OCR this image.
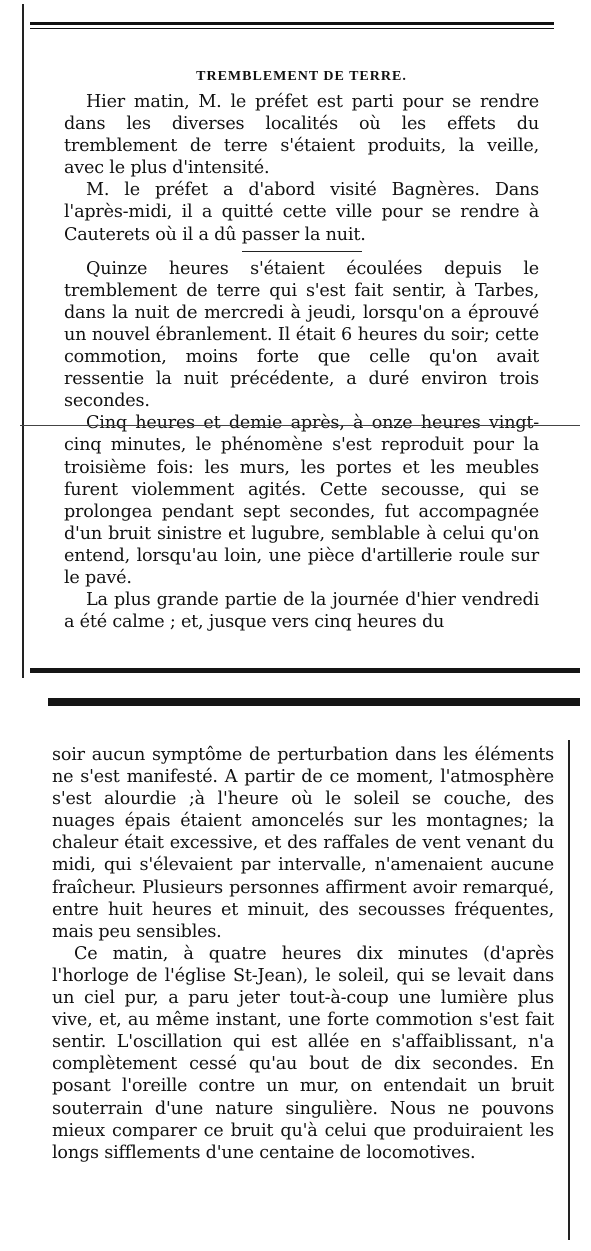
TREMBLEMENT DE TERRE.

Hier matin, M. le préfet est parti pour se rendre dans les diverses localités où les effets du tremblement de terre s'étaient produits, la veille, avec le plus d'intensité.

M. le préfet a d'abord visité Bagnères. Dans l'après-midi, il a quitté cette ville pour se rendre à Cauterets où il a dû passer la nuit.

Quinze heures s'étaient écoulées depuis le tremblement de terre qui s'est fait sentir, à Tarbes, dans la nuit de mercredi à jeudi, lorsqu'on a éprouvé un nouvel ébranlement. Il était 6 heures du soir; cette commotion, moins forte que celle qu'on avait ressentie la nuit précédente, a duré environ trois secondes.

Cinq heures et demie après, à onze heures vingt-cinq minutes, le phénomène s'est reproduit pour la troisième fois: les murs, les portes et les meubles furent violemment agités. Cette secousse, qui se prolongea pendant sept secondes, fut accompagnée d'un bruit sinistre et lugubre, semblable à celui qu'on entend, lorsqu'au loin, une pièce d'artillerie roule sur le pavé.

La plus grande partie de la journée d'hier vendredi a été calme ; et, jusque vers cinq heures du

soir aucun symptôme de perturbation dans les éléments ne s'est manifesté. A partir de ce moment, l'atmosphère s'est alourdie ;à l'heure où le soleil se couche, des nuages épais étaient amoncelés sur les montagnes; la chaleur était excessive, et des raffales de vent venant du midi, qui s'élevaient par intervalle, n'amenaient aucune fraîcheur. Plusieurs personnes affirment avoir remarqué, entre huit heures et minuit, des secousses fréquentes, mais peu sensibles.

Ce matin, à quatre heures dix minutes (d'après l'horloge de l'église St-Jean), le soleil, qui se levait dans un ciel pur, a paru jeter tout-à-coup une lumière plus vive, et, au même instant, une forte commotion s'est fait sentir. L'oscillation qui est allée en s'affaiblissant, n'a complètement cessé qu'au bout de dix secondes. En posant l'oreille contre un mur, on entendait un bruit souterrain d'une nature singulière. Nous ne pouvons mieux comparer ce bruit qu'à celui que produiraient les longs sifflements d'une centaine de locomotives.
